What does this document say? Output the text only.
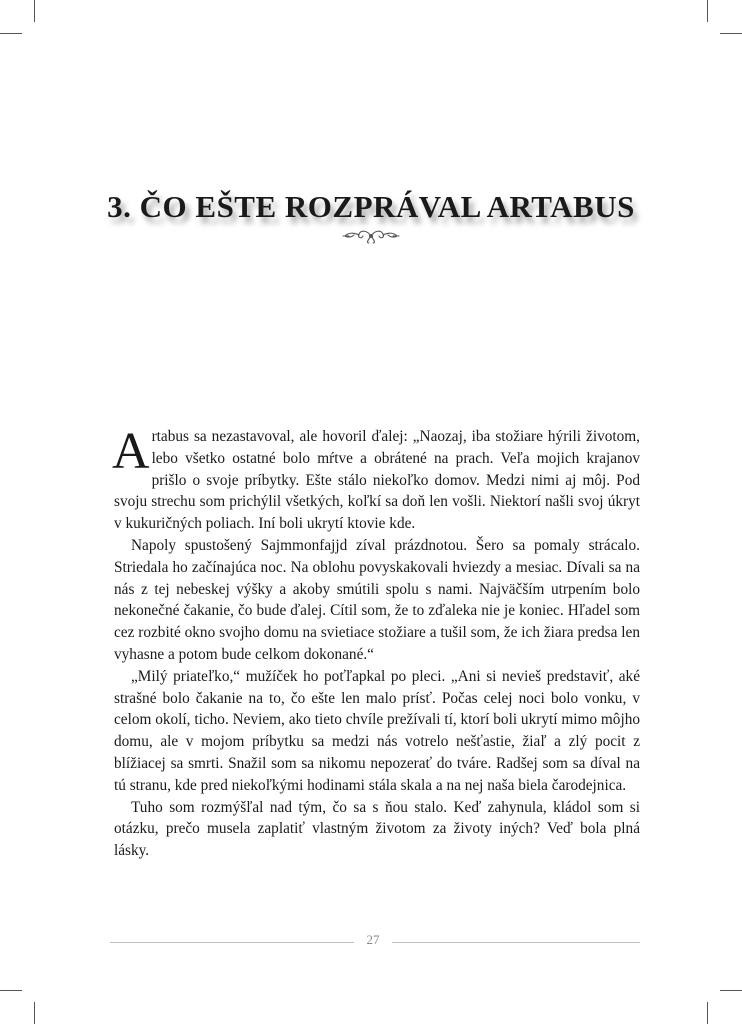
3. ČO EŠTE ROZPRÁVAL ARTABUS

Artabus sa nezastavoval, ale hovoril ďalej: „Naozaj, iba stožiare hýrili životom, lebo všetko ostatné bolo mŕtve a obrátené na prach. Veľa mojich krajanov prišlo o svoje príbytky. Ešte stálo niekoľko domov. Medzi nimi aj môj. Pod svoju strechu som prichýlil všetkých, koľkí sa doň len vošli. Niektorí našli svoj úkryt v kukuričných poliach. Iní boli ukrytí ktovie kde.

Napoly spustošený Sajmmonfajjd zíval prázdnotou. Šero sa pomaly strácalo. Striedala ho začínajúca noc. Na oblohu povyskakovali hviezdy a mesiac. Dívali sa na nás z tej nebeskej výšky a akoby smútili spolu s nami. Najväčším utrpením bolo nekonečné čakanie, čo bude ďalej. Cítil som, že to zďaleka nie je koniec. Hľadel som cez rozbité okno svojho domu na svietiace stožiare a tušil som, že ich žiara predsa len vyhasne a potom bude celkom dokonané.“

„Milý priateľko,“ mužíček ho poťľapkal po pleci. „Ani si nevieš predstaviť, aké strašné bolo čakanie na to, čo ešte len malo prísť. Počas celej noci bolo vonku, v celom okolí, ticho. Neviem, ako tieto chvíle prežívali tí, ktorí boli ukrytí mimo môjho domu, ale v mojom príbytku sa medzi nás votrelo nešťastie, žiaľ a zlý pocit z blížiacej sa smrti. Snažil som sa nikomu nepozerať do tváre. Radšej som sa díval na tú stranu, kde pred niekoľkými hodinami stála skala a na nej naša biela čarodejnica.

Tuho som rozmýšľal nad tým, čo sa s ňou stalo. Keď zahynula, kládol som si otázku, prečo musela zaplatiť vlastným životom za životy iných? Veď bola plná lásky.

27
